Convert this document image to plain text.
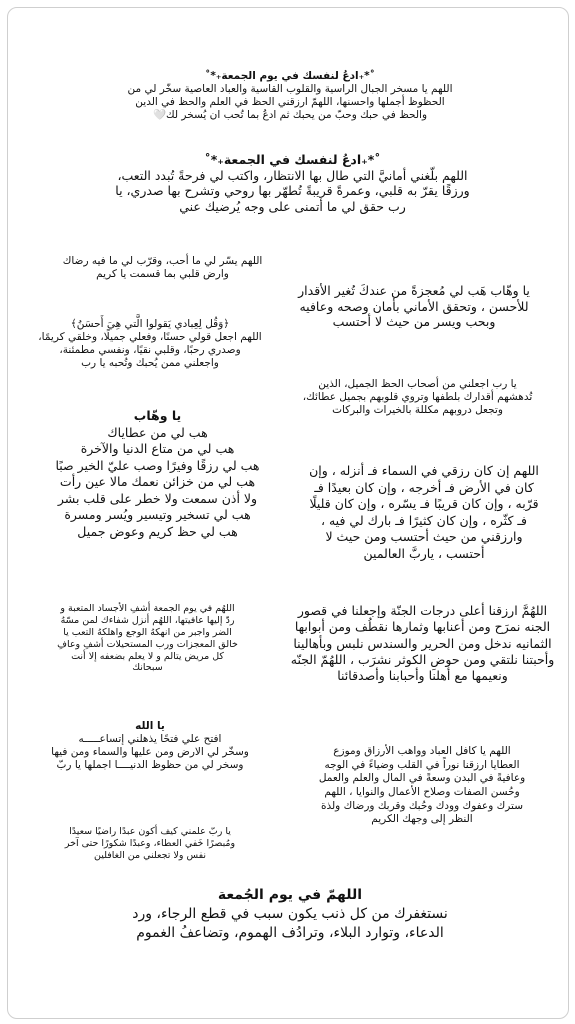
˚*₊ادعُ لنفسك في يوم الجمعة₊*˚

اللهم يا مسخر الجبال الراسية والقلوب القاسية والعباد العاصية سخّر لي من

الحظوظ أجملها واحسنها، اللهمّ ارزقني الحظ في العلم والحظ في الدين

والحظ في حبك وحبّ من يحبك ثم ادعُ بما تُحب ان يُسخر لك🤍

˚*₊ادعُ لنفسك في الجمعة₊*˚

اللهم بلّغني أمانيَّ التي طال بها الانتظار، واكتب لي فرحةً تُبدد التعب،

ورزقًا يقرّ به قلبي، وعمرةً قريبةً تُطهّر بها روحي وتشرح بها صدري، يا

رب حقق لي ما أتمنى على وجه يُرضيك عني

اللهم يسّر لي ما أحب، وقرّب لي ما فيه رضاك

وارض قلبي بما قسمت يا كريم

يا وهّاب هَب لي مُعجزةً من عندكَ تُغير الأقدار

للأحسن ، وتحقق الأماني بأمان وصحه وعافيه

وبحب ويسر من حيث لا أحتسب

﴿وَقُل لِعِبادي يَقولوا الَّتي هِيَ أَحسَنُ﴾

اللهم اجعل قولي حسنًا، وفعلي جميلًا، وخلقي كريمًا،

وصدري رحبًا، وقلبي نقيًا، ونفسي مطمئنة،

واجعلني ممن يُحبك وتُحبه يا رب

يا رب اجعلني من أصحاب الحظ الجميل، الذين

تُدهشهم أقدارك بلطفها وتروي قلوبهم بجميل عطائك،

وتجعل دروبهم مكللة بالخيرات والبركات

يا وهّاب

هب لي من عطاياك

هب لي من متاع الدنيا والآخرة

هب لي رزقًا وفيرًا وصب عليّ الخير صبًا

هب لي من خزائن نعمك مالا عين رأت

ولا أذن سمعت ولا خطر على قلب بشر

هب لي تسخير وتيسير ويُسر ومسرة

هب لي حظ كريم وعوض جميل

اللهم إن كان رزقي في السماء فـ أنزله ، وإن

كان في الأرض فـ أخرجه ، وإن كان بعيدًا فـ

قرّبه ، وإن كان قريبًا فـ يسّره ، وإن كان قليلًا

فـ كثّره ، وإن كان كثيرًا فـ بارك لي فيه ،

وارزقني من حيث أحتسب ومن حيث لا

أحتسب ، ياربَّ العالمين

اللهُم في يوم الجمعة أشفِ الأجساد المتعبة و

ردّ إليها عافيتها، اللهُم أنزل شفاءك لمن مسّهُ

الضر واجبر من انهكهُ الوجع واهلكهُ التعب يا

خالق المعجزات ورب المستحيلات أشفِ وعافِ

كل مريض يتالم و لا يعلم بضعفه إلا أنت

سبحانك

اللهُمَّ ارزقنا أعلى درجات الجنّة وإجعلنا في قصور

الجنه نمرَح ومن أعنابها وثمارها نقطُف ومن أبوابها

الثمانيه ندخل ومن الحرير والسندس نلبس وبأهالينا

وأحبتنا نلتقي ومن حوضِ الكوثر نشرَب ، اللهُمّ الجنّه

ونعيمها مع أهلنا وأحبابنا وأصدقائنا

يا الله

افتح علي فتحًا يذهلني إتساعـــــه

وسخّر لي الارض ومن عليها والسماء ومن فيها

وسخر لي من حظوظ الدنيــــا اجملها يا ربّ

اللهم يا كافل العباد وواهب الأرزاق وموزع

العطايا ارزقنا نوراً في القلب وضياءً في الوجه

وعافيةً في البدن وسعةً في المال والعلم والعمل

وحُسن الصفات وصلاح الأعمال والنوايا ، اللهم

سترك وعفوك وودك وحُبك وقربك ورضاك ولذة

النظر إلى وجهك الكريم

يا ربّ علمني كيف أكون عبدًا راضيًا سعيدًا

ومُبصرًا خَفي العطاء، وعبدًا شكورًا حتى آخر

نفس ولا تجعلني من الغافلين

اللهمّ في يوم الجُمعة

نستغفرك من كل ذنب يكون سبب في قطع الرجاء، ورد

الدعاء، وتوارد البلاء، وترادُف الهموم، وتضاعفُ الغموم
